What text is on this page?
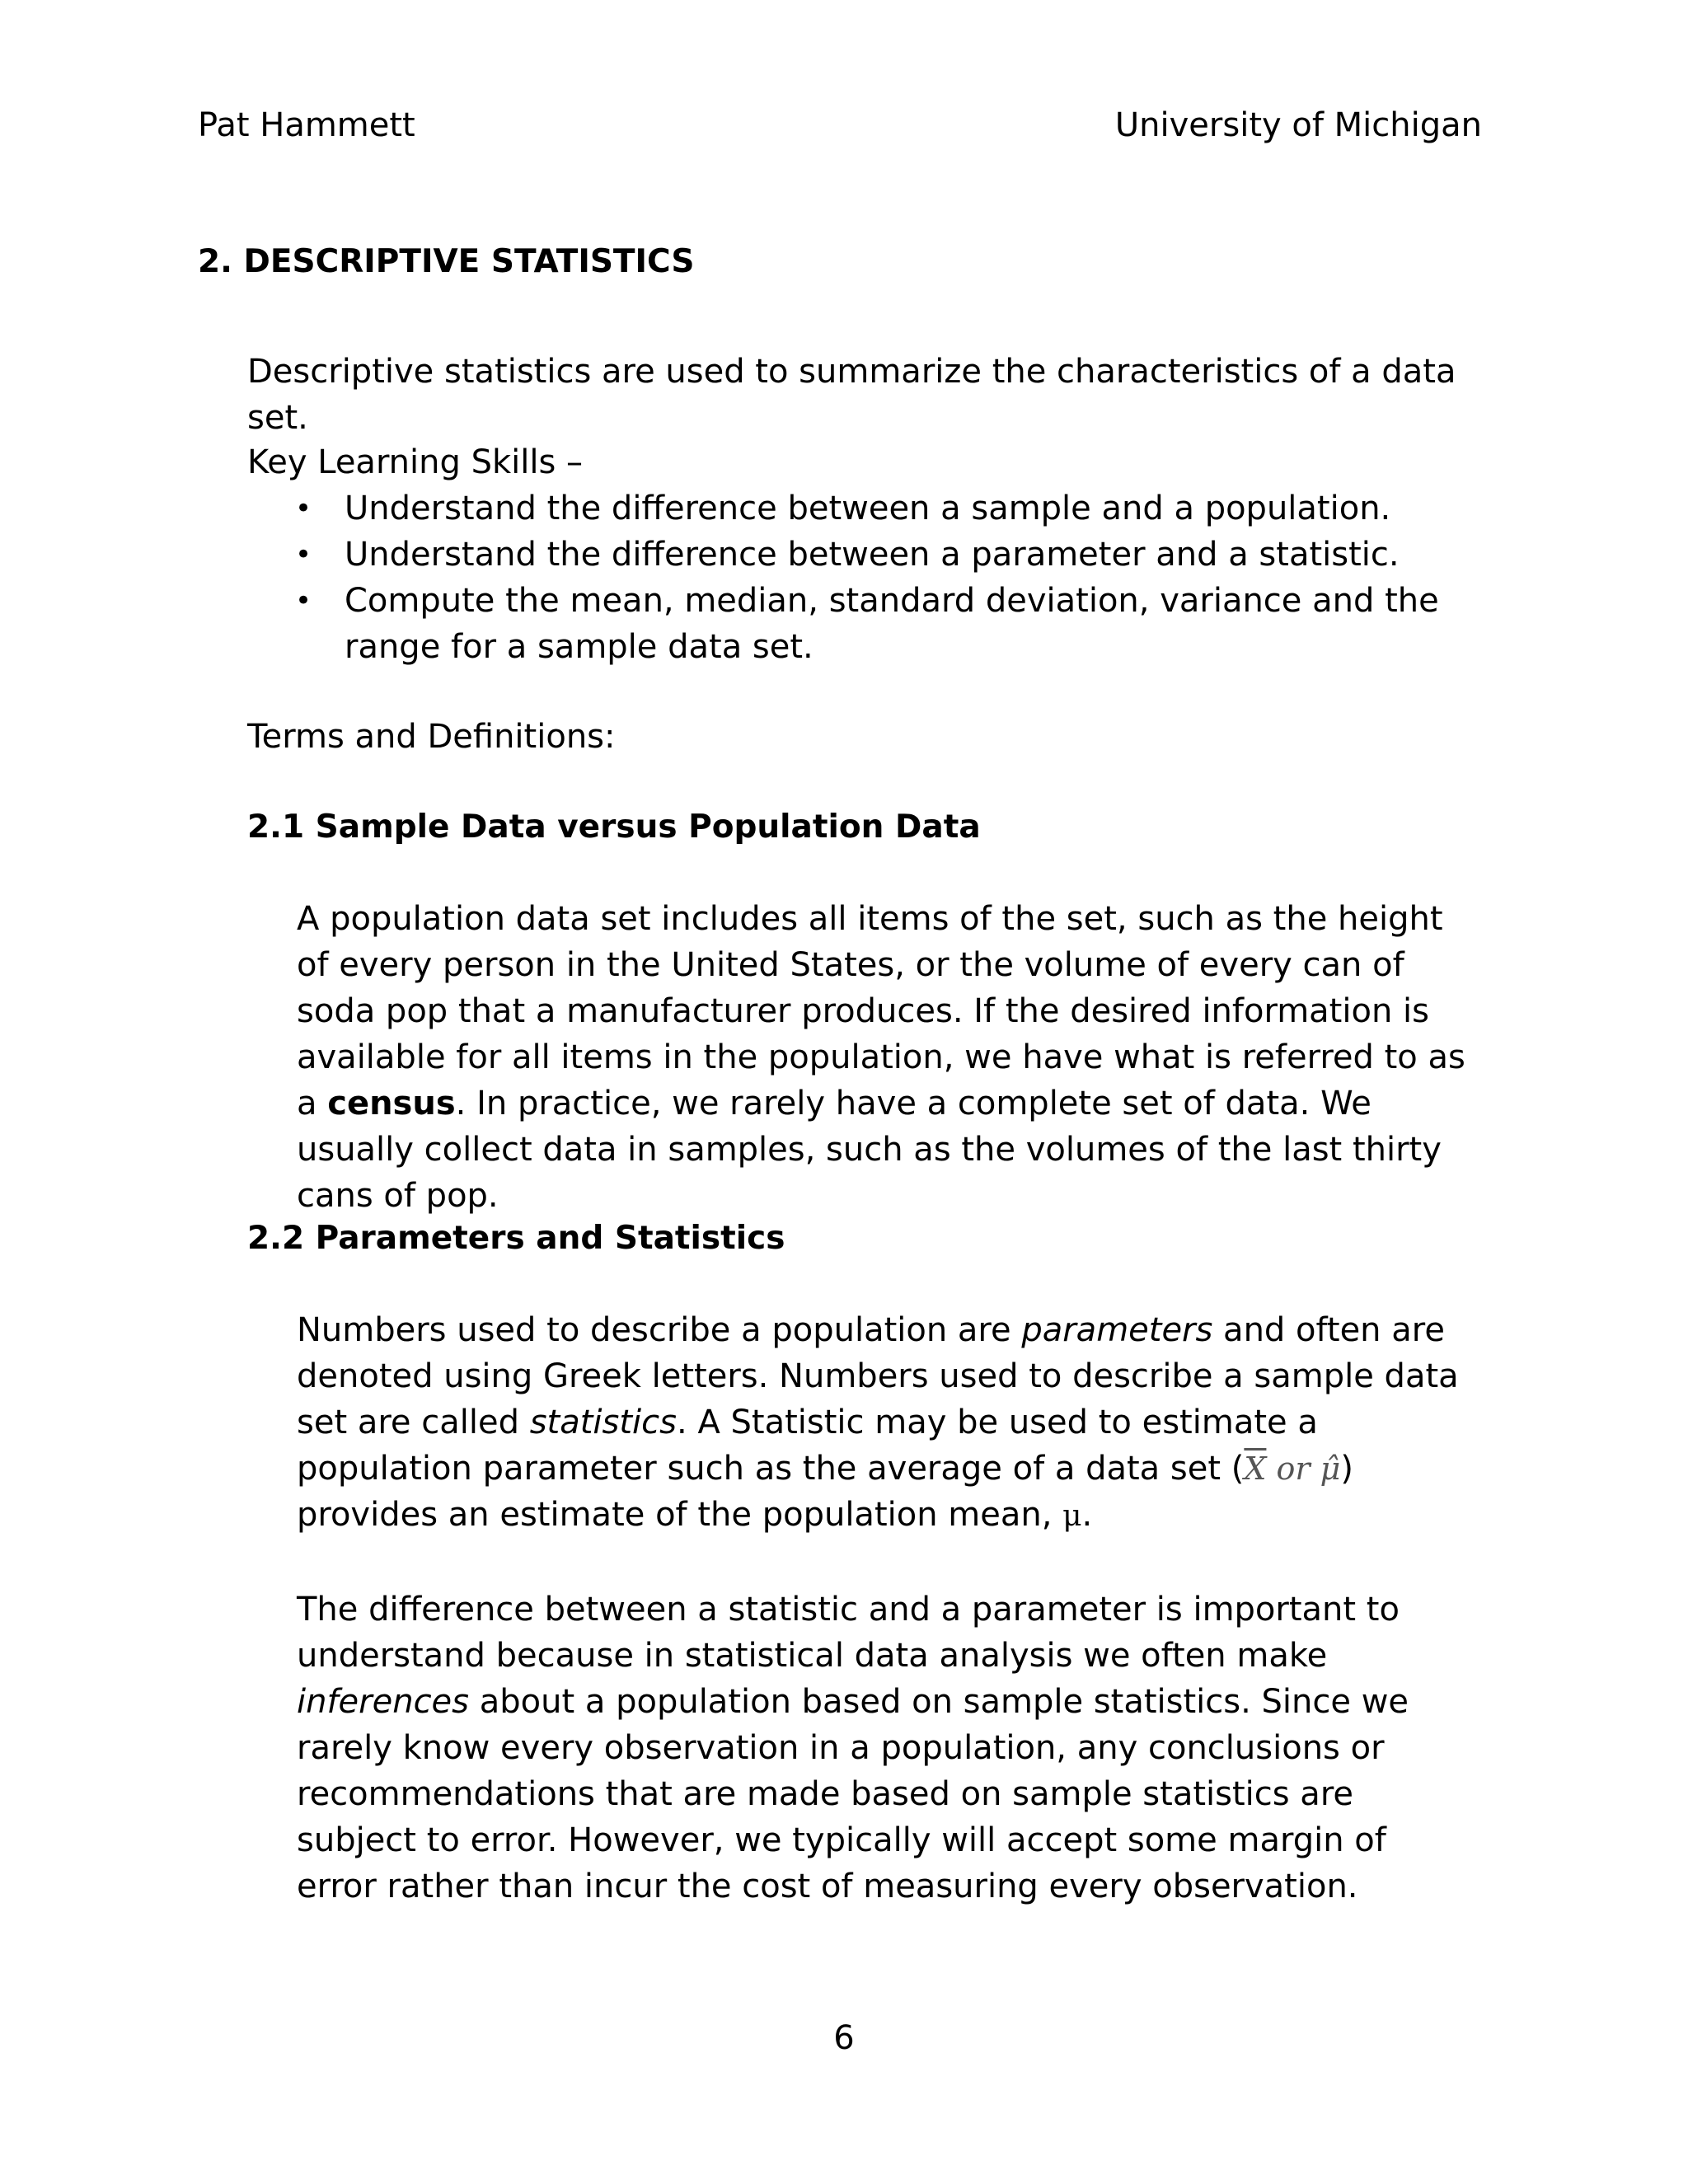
Pat Hammett	University of Michigan
2. DESCRIPTIVE STATISTICS
Descriptive statistics are used to summarize the characteristics of a data set.
Key Learning Skills –
• Understand the difference between a sample and a population.
• Understand the difference between a parameter and a statistic.
• Compute the mean, median, standard deviation, variance and the range for a sample data set.
Terms and Definitions:
2.1 Sample Data versus Population Data

A population data set includes all items of the set, such as the height of every person in the United States, or the volume of every can of soda pop that a manufacturer produces. If the desired information is available for all items in the population, we have what is referred to as a census. In practice, we rarely have a complete set of data. We usually collect data in samples, such as the volumes of the last thirty cans of pop.

2.2 Parameters and Statistics

Numbers used to describe a population are parameters and often are denoted using Greek letters. Numbers used to describe a sample data set are called statistics. A Statistic may be used to estimate a population parameter such as the average of a data set ($\overline{X}$ or μ̂) provides an estimate of the population mean, μ.

The difference between a statistic and a parameter is important to understand because in statistical data analysis we often make inferences about a population based on sample statistics. Since we rarely know every observation in a population, any conclusions or recommendations that are made based on sample statistics are subject to error. However, we typically will accept some margin of error rather than incur the cost of measuring every observation.

6
